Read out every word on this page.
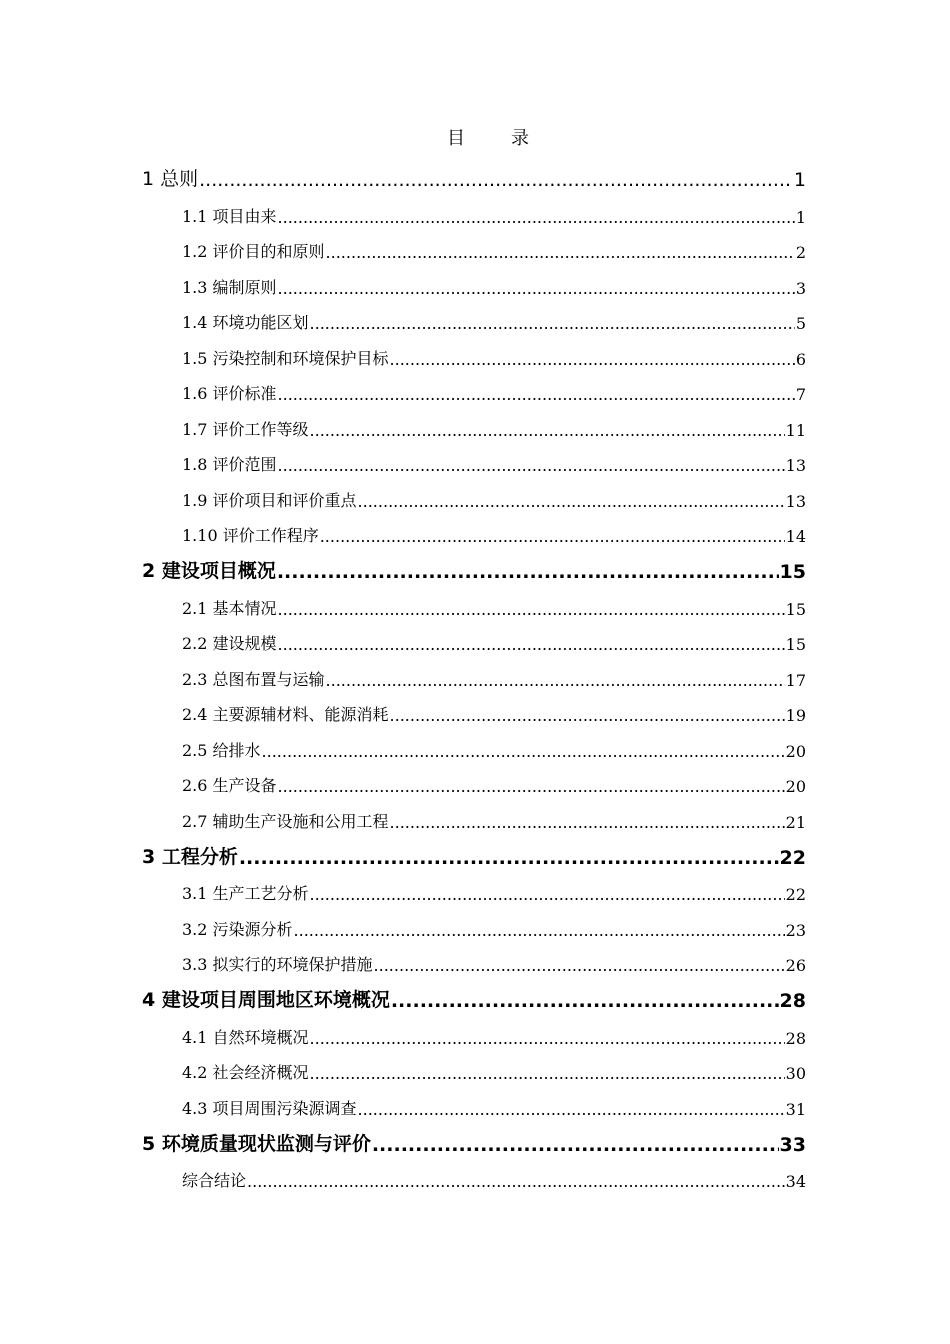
目　录
1 总则 .....	1
1.1 项目由来 .....	1
1.2 评价目的和原则 .....	2
1.3 编制原则 .....	3
1.4 环境功能区划 .....	5
1.5 污染控制和环境保护目标 .....	6
1.6 评价标准 .....	7
1.7 评价工作等级 .....	11
1.8 评价范围 .....	13
1.9 评价项目和评价重点 .....	13
1.10 评价工作程序 .....	14
2 建设项目概况 .....	15
2.1 基本情况 .....	15
2.2 建设规模 .....	15
2.3 总图布置与运输 .....	17
2.4 主要源辅材料、能源消耗 .....	19
2.5 给排水 .....	20
2.6 生产设备 .....	20
2.7 辅助生产设施和公用工程 .....	21
3 工程分析 .....	22
3.1 生产工艺分析 .....	22
3.2 污染源分析 .....	23
3.3 拟实行的环境保护措施 .....	26
4 建设项目周围地区环境概况 .....	28
4.1 自然环境概况 .....	28
4.2 社会经济概况 .....	30
4.3 项目周围污染源调查 .....	31
5 环境质量现状监测与评价 .....	33
综合结论 .....	34
